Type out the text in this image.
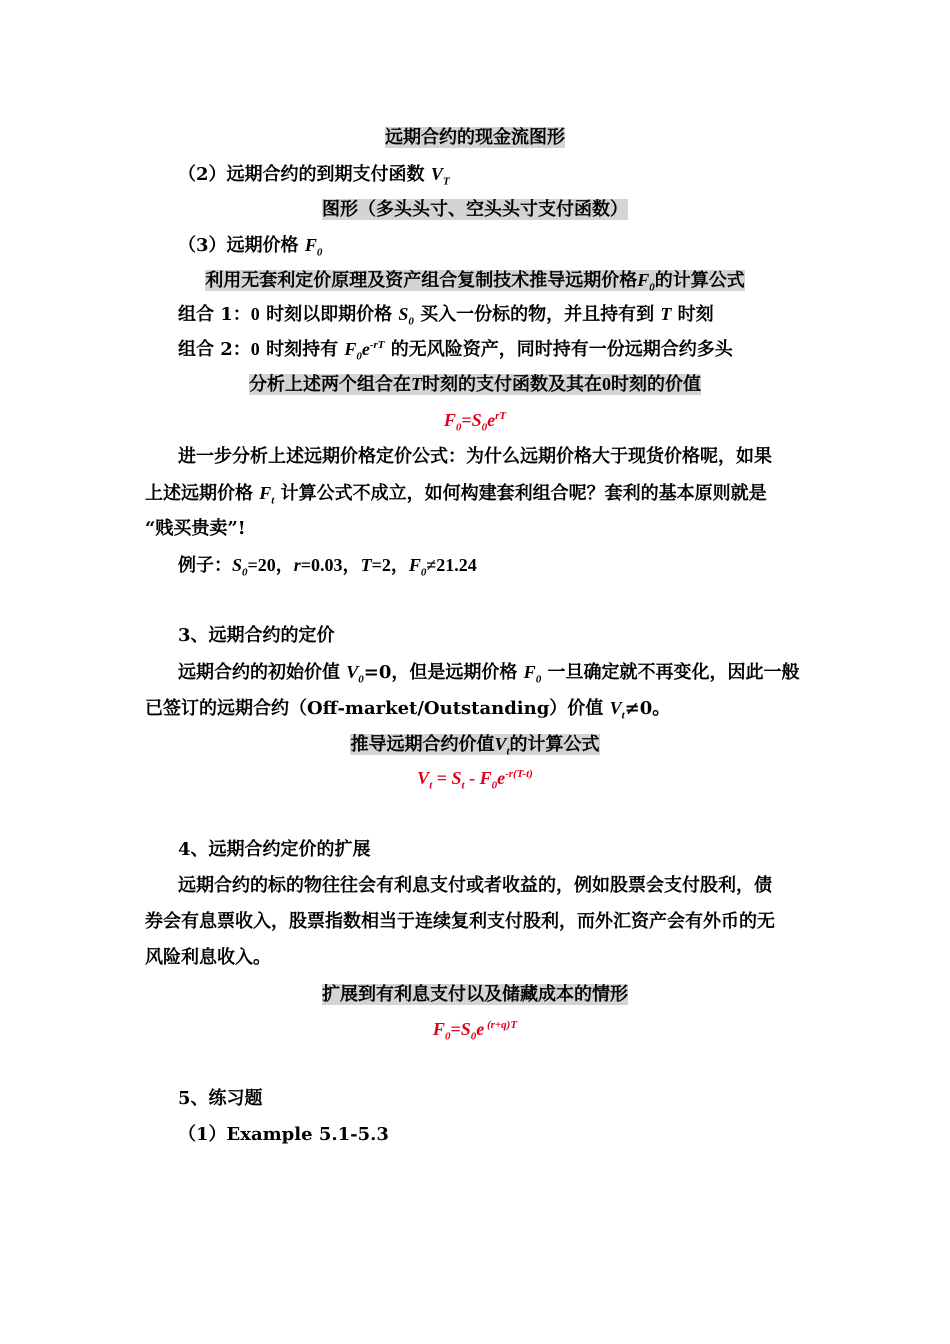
远期合约的现金流图形
（2）远期合约的到期支付函数 $V_T$
图形（多头头寸、空头头寸支付函数）
（3）远期价格 $F_0$
利用无套利定价原理及资产组合复制技术推导远期价格$F_0$的计算公式
组合 1：0 时刻以即期价格 $S_0$ 买入一份标的物，并且持有到 T 时刻
组合 2：0 时刻持有 $F_0e^{-rT}$ 的无风险资产，同时持有一份远期合约多头
分析上述两个组合在T时刻的支付函数及其在0时刻的价值
$F_0=S_0e^{rT}$
进一步分析上述远期价格定价公式：为什么远期价格大于现货价格呢，如果
上述远期价格 $F_t$ 计算公式不成立，如何构建套利组合呢？套利的基本原则就是
“贱买贵卖”!
例子：$S_0=20$，r=0.03，T=2，$F_0\ne 21.24$
3、远期合约的定价
远期合约的初始价值 $V_0=0$，但是远期价格 $F_0$ 一旦确定就不再变化，因此一般
已签订的远期合约（Off-market/Outstanding）价值 $V_t\ne 0$。
推导远期合约价值$V_t$的计算公式
$V_t = S_t - F_0e^{-r(T-t)}$
4、远期合约定价的扩展
远期合约的标的物往往会有利息支付或者收益的，例如股票会支付股利，债
券会有息票收入，股票指数相当于连续复利支付股利，而外汇资产会有外币的无
风险利息收入。
扩展到有利息支付以及储藏成本的情形
$F_0=S_0e$ $^{(r+q)T}$
5、练习题
（1）Example 5.1-5.3
